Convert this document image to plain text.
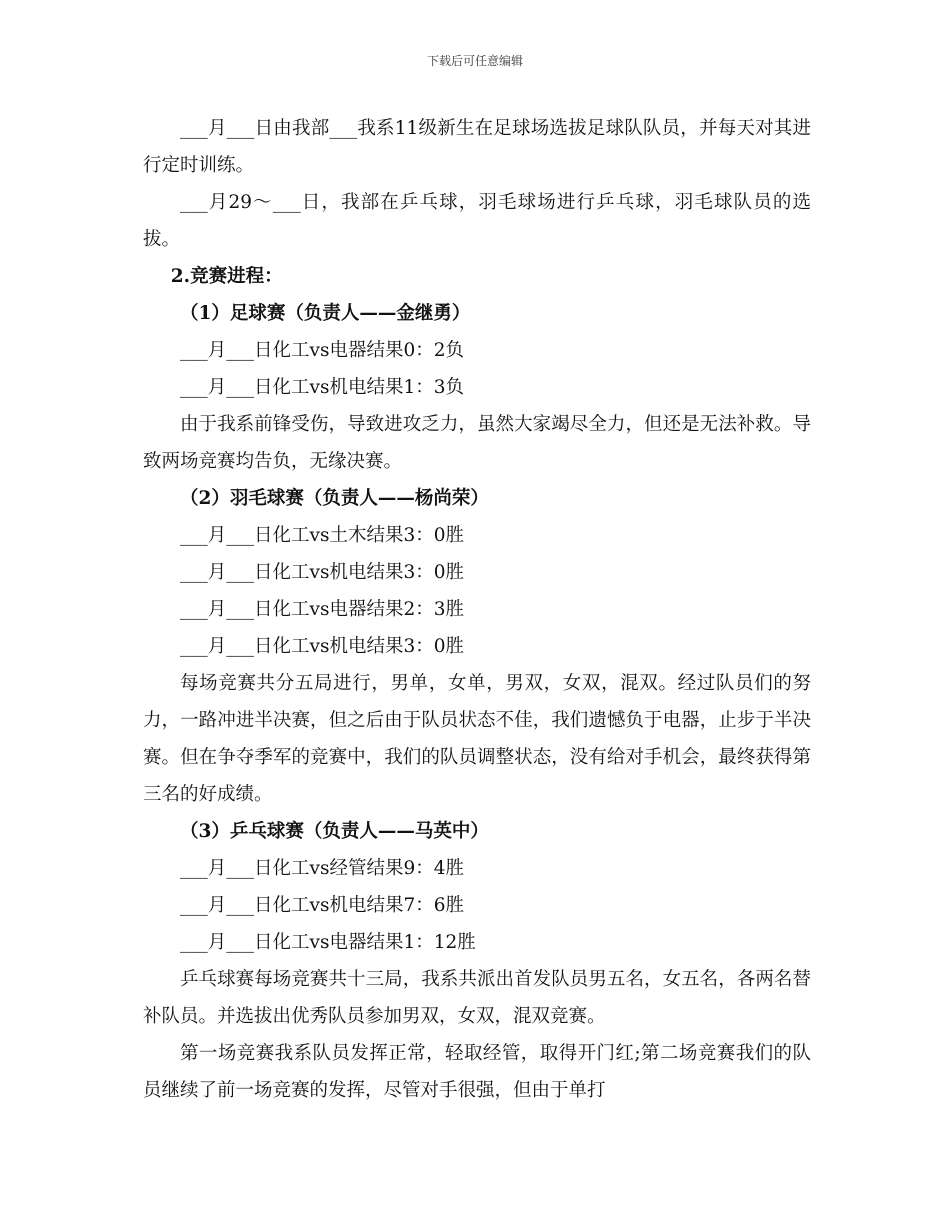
下载后可任意编辑

___月___日由我部___我系11级新生在足球场选拔足球队队员，并每天对其进行定时训练。

___月29～___日，我部在乒乓球，羽毛球场进行乒乓球，羽毛球队员的选拔。

2.竞赛进程：

（1）足球赛（负责人——金继勇）

___月___日化工vs电器结果0：2负

___月___日化工vs机电结果1：3负

由于我系前锋受伤，导致进攻乏力，虽然大家竭尽全力，但还是无法补救。导致两场竞赛均告负，无缘决赛。

（2）羽毛球赛（负责人——杨尚荣）

___月___日化工vs土木结果3：0胜

___月___日化工vs机电结果3：0胜

___月___日化工vs电器结果2：3胜

___月___日化工vs机电结果3：0胜

每场竞赛共分五局进行，男单，女单，男双，女双，混双。经过队员们的努力，一路冲进半决赛，但之后由于队员状态不佳，我们遗憾负于电器，止步于半决赛。但在争夺季军的竞赛中，我们的队员调整状态，没有给对手机会，最终获得第三名的好成绩。

（3）乒乓球赛（负责人——马英中）

___月___日化工vs经管结果9：4胜

___月___日化工vs机电结果7：6胜

___月___日化工vs电器结果1：12胜

乒乓球赛每场竞赛共十三局，我系共派出首发队员男五名，女五名，各两名替补队员。并选拔出优秀队员参加男双，女双，混双竞赛。

第一场竞赛我系队员发挥正常，轻取经管，取得开门红;第二场竞赛我们的队员继续了前一场竞赛的发挥，尽管对手很强，但由于单打
